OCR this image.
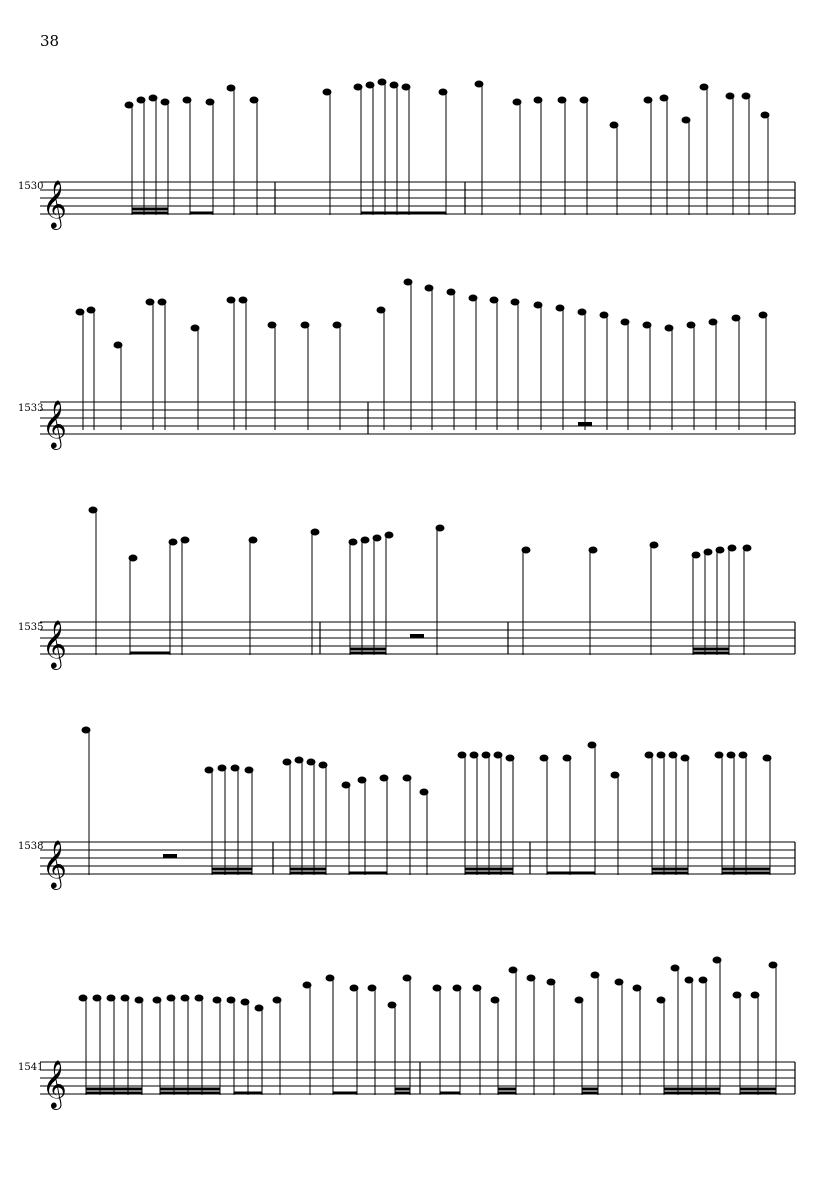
38
1530
𝄞
1533
𝄞
1535
𝄞
1538
𝄞
1541
𝄞
